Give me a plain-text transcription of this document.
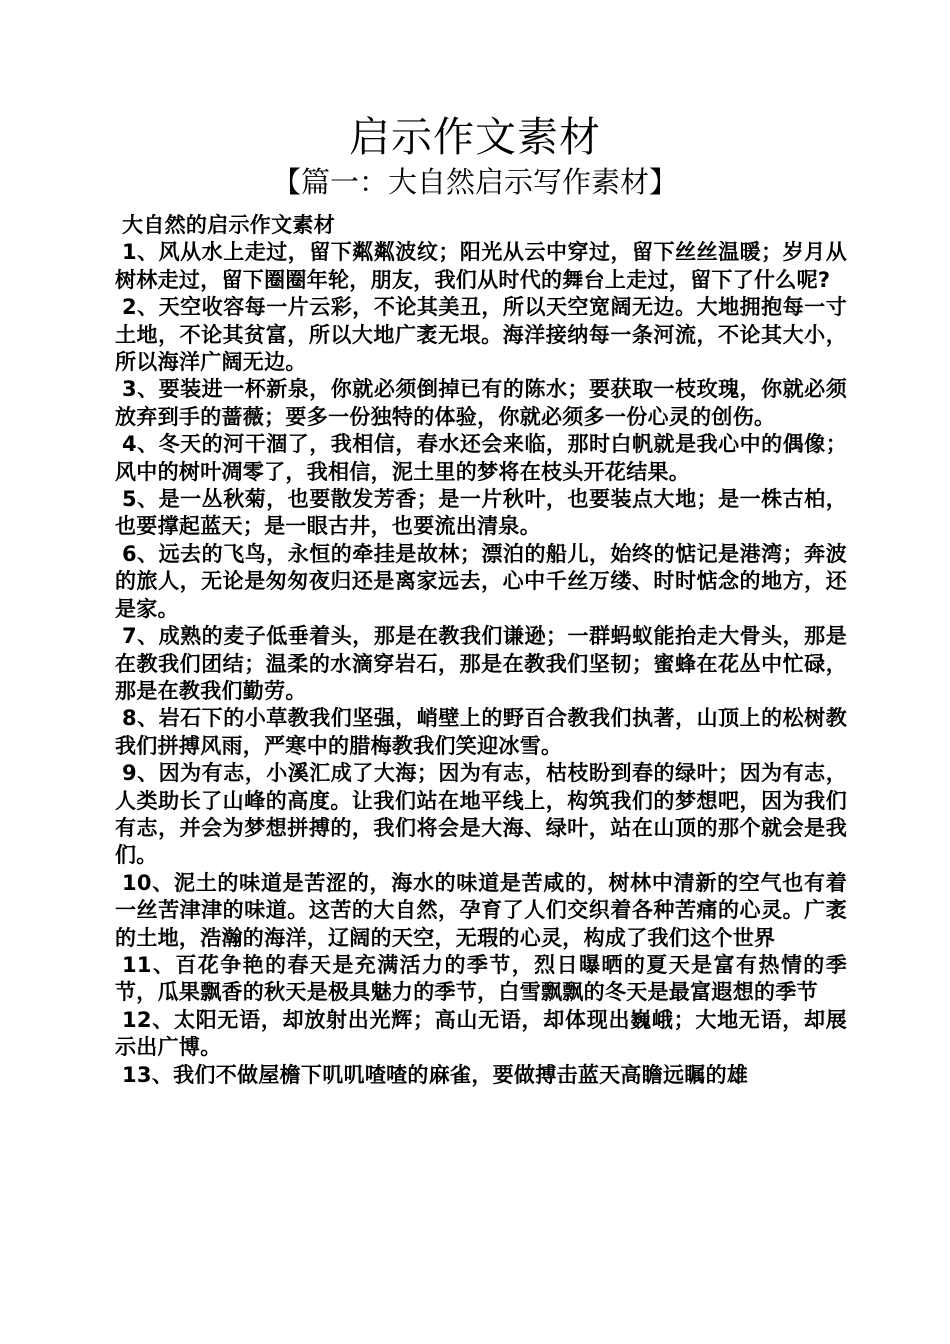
启示作文素材
【篇一：大自然启示写作素材】

大自然的启示作文素材

1、风从水上走过，留下粼粼波纹；阳光从云中穿过，留下丝丝温暖；岁月从树林走过，留下圈圈年轮，朋友，我们从时代的舞台上走过，留下了什么呢?

2、天空收容每一片云彩，不论其美丑，所以天空宽阔无边。大地拥抱每一寸土地，不论其贫富，所以大地广袤无垠。海洋接纳每一条河流，不论其大小，所以海洋广阔无边。

3、要装进一杯新泉，你就必须倒掉已有的陈水；要获取一枝玫瑰，你就必须放弃到手的蔷薇；要多一份独特的体验，你就必须多一份心灵的创伤。

4、冬天的河干涸了，我相信，春水还会来临，那时白帆就是我心中的偶像；风中的树叶凋零了，我相信，泥土里的梦将在枝头开花结果。

5、是一丛秋菊，也要散发芳香；是一片秋叶，也要装点大地；是一株古柏，也要撑起蓝天；是一眼古井，也要流出清泉。

6、远去的飞鸟，永恒的牵挂是故林；漂泊的船儿，始终的惦记是港湾；奔波的旅人，无论是匆匆夜归还是离家远去，心中千丝万缕、时时惦念的地方，还是家。

7、成熟的麦子低垂着头，那是在教我们谦逊；一群蚂蚁能抬走大骨头，那是在教我们团结；温柔的水滴穿岩石，那是在教我们坚韧；蜜蜂在花丛中忙碌，那是在教我们勤劳。

8、岩石下的小草教我们坚强，峭壁上的野百合教我们执著，山顶上的松树教我们拼搏风雨，严寒中的腊梅教我们笑迎冰雪。

9、因为有志，小溪汇成了大海；因为有志，枯枝盼到春的绿叶；因为有志，人类助长了山峰的高度。让我们站在地平线上，构筑我们的梦想吧，因为我们有志，并会为梦想拼搏的，我们将会是大海、绿叶，站在山顶的那个就会是我们。

10、泥土的味道是苦涩的，海水的味道是苦咸的，树林中清新的空气也有着一丝苦津津的味道。这苦的大自然，孕育了人们交织着各种苦痛的心灵。广袤的土地，浩瀚的海洋，辽阔的天空，无瑕的心灵，构成了我们这个世界

11、百花争艳的春天是充满活力的季节，烈日曝晒的夏天是富有热情的季节，瓜果飘香的秋天是极具魅力的季节，白雪飘飘的冬天是最富遐想的季节

12、太阳无语，却放射出光辉；高山无语，却体现出巍峨；大地无语，却展示出广博。

13、我们不做屋檐下叽叽喳喳的麻雀，要做搏击蓝天高瞻远瞩的雄
